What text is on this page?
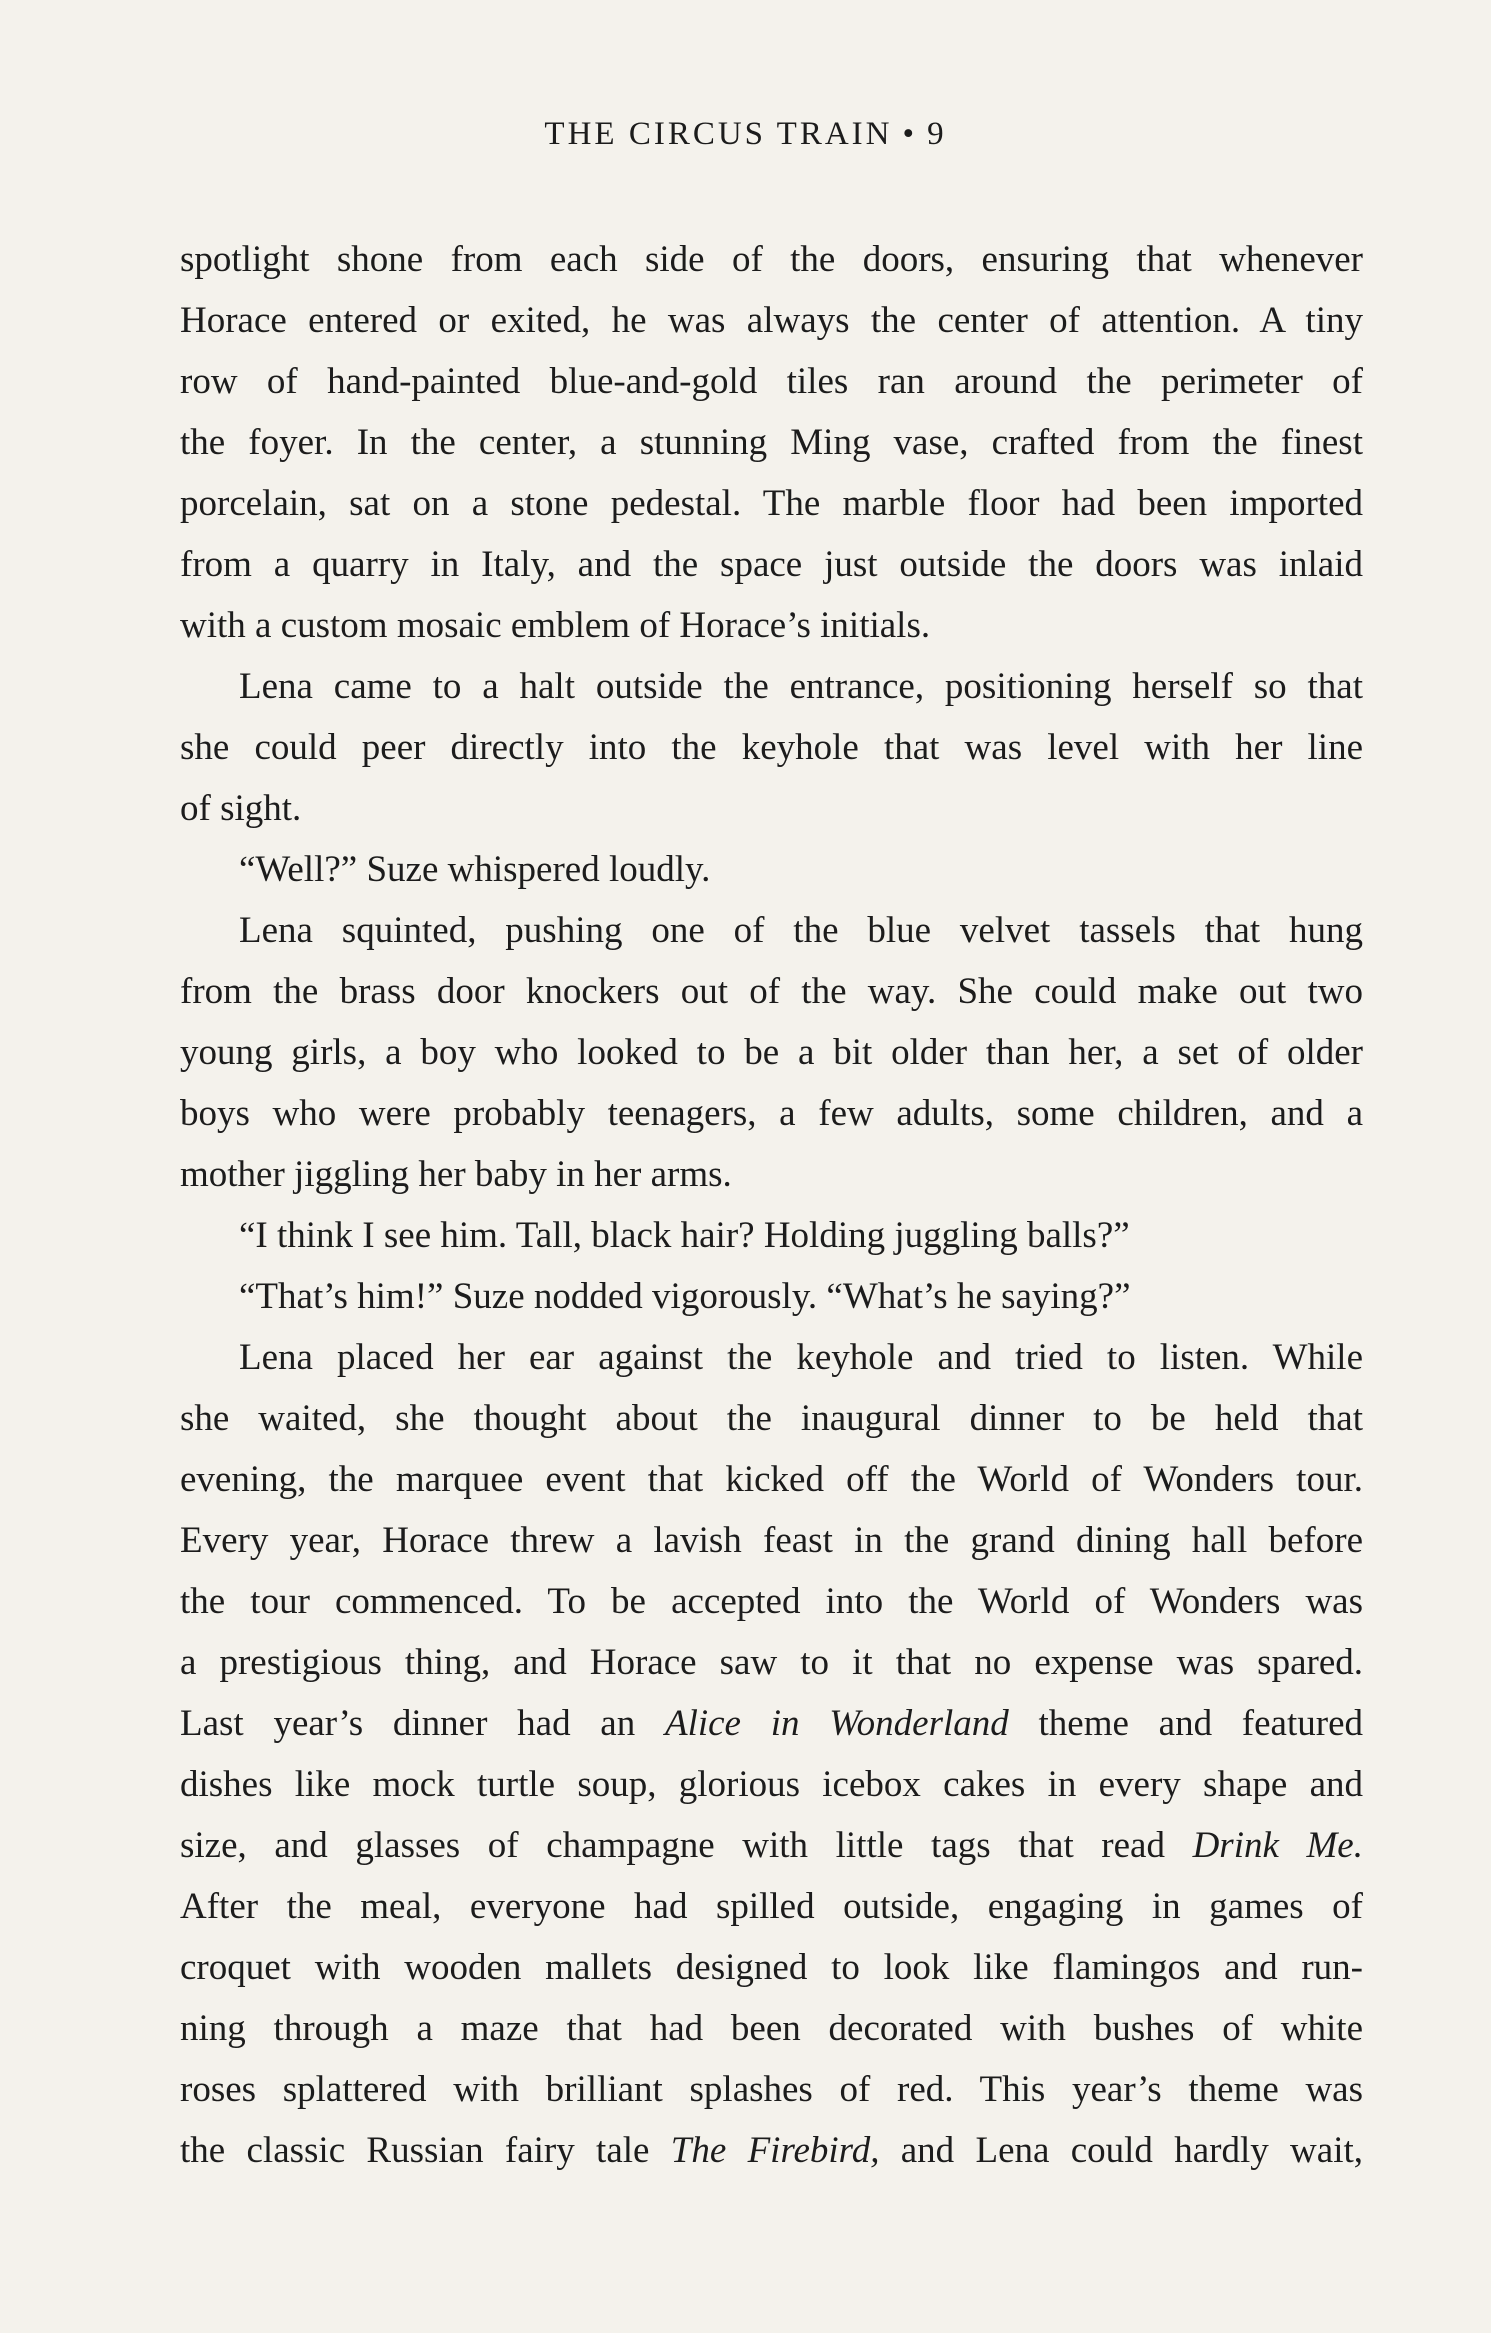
THE CIRCUS TRAIN • 9
spotlight shone from each side of the doors, ensuring that whenever
Horace entered or exited, he was always the center of attention. A tiny
row of hand-painted blue-and-gold tiles ran around the perimeter of
the foyer. In the center, a stunning Ming vase, crafted from the finest
porcelain, sat on a stone pedestal. The marble floor had been imported
from a quarry in Italy, and the space just outside the doors was inlaid
with a custom mosaic emblem of Horace’s initials.
Lena came to a halt outside the entrance, positioning herself so that
she could peer directly into the keyhole that was level with her line
of sight.
“Well?” Suze whispered loudly.
Lena squinted, pushing one of the blue velvet tassels that hung
from the brass door knockers out of the way. She could make out two
young girls, a boy who looked to be a bit older than her, a set of older
boys who were probably teenagers, a few adults, some children, and a
mother jiggling her baby in her arms.
“I think I see him. Tall, black hair? Holding juggling balls?”
“That’s him!” Suze nodded vigorously. “What’s he saying?”
Lena placed her ear against the keyhole and tried to listen. While
she waited, she thought about the inaugural dinner to be held that
evening, the marquee event that kicked off the World of Wonders tour.
Every year, Horace threw a lavish feast in the grand dining hall before
the tour commenced. To be accepted into the World of Wonders was
a prestigious thing, and Horace saw to it that no expense was spared.
Last year’s dinner had an Alice in Wonderland theme and featured
dishes like mock turtle soup, glorious icebox cakes in every shape and
size, and glasses of champagne with little tags that read Drink Me.
After the meal, everyone had spilled outside, engaging in games of
croquet with wooden mallets designed to look like flamingos and run-
ning through a maze that had been decorated with bushes of white
roses splattered with brilliant splashes of red. This year’s theme was
the classic Russian fairy tale The Firebird, and Lena could hardly wait,
